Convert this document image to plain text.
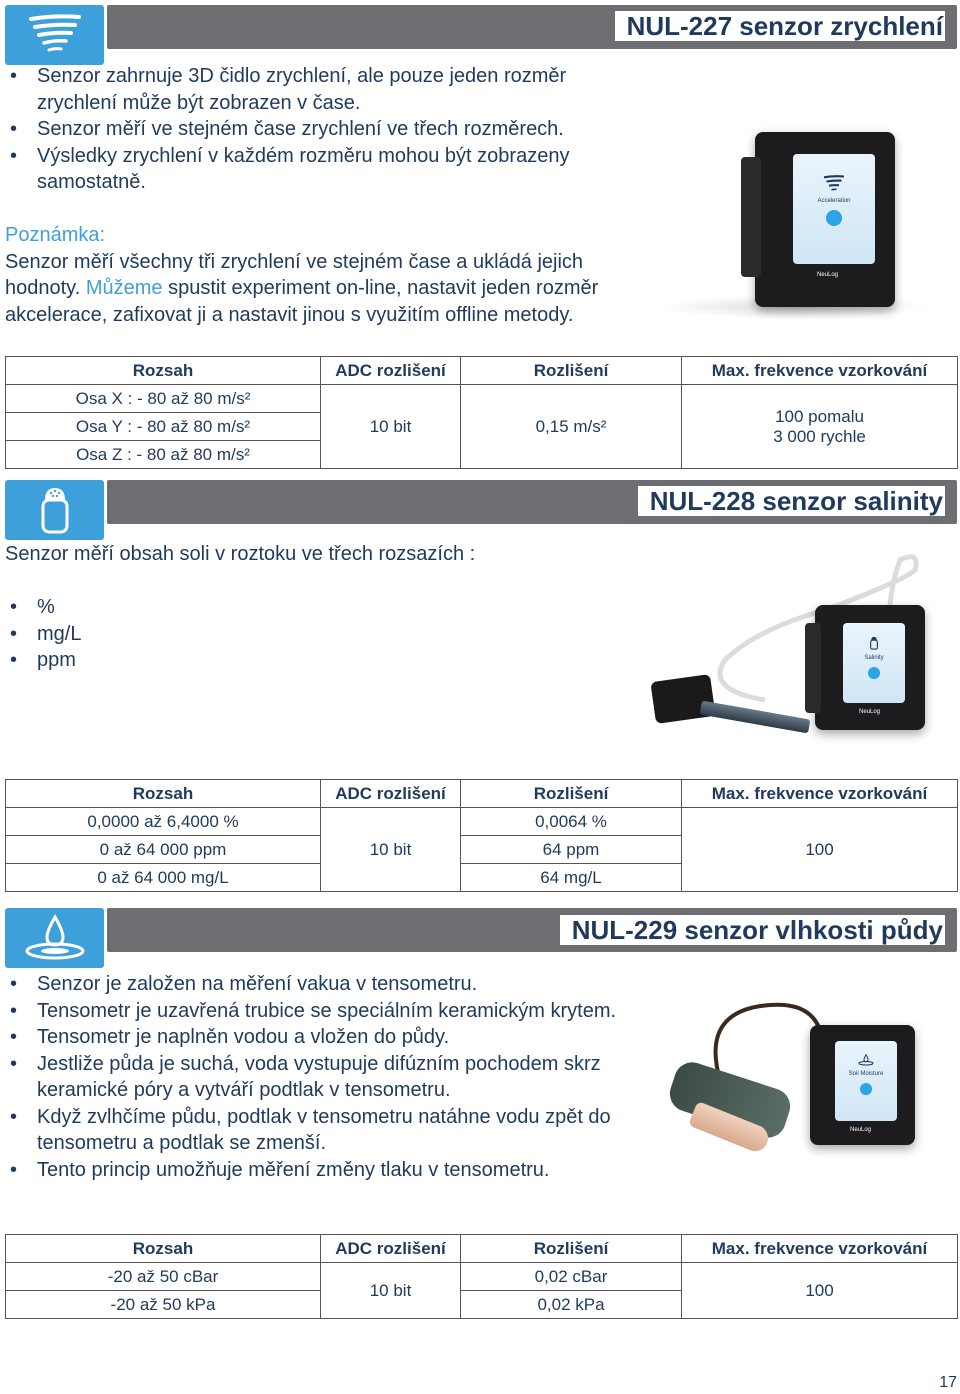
NUL-227 senzor zrychlení
• Senzor zahrnuje 3D čidlo zrychlení, ale pouze jeden rozměr zrychlení může být zobrazen v čase.
• Senzor měří ve stejném čase zrychlení ve třech rozměrech.
• Výsledky zrychlení v každém rozměru mohou být zobrazeny samostatně.
Poznámka:
Senzor měří všechny tři zrychlení ve stejném čase a ukládá jejich hodnoty. Můžeme spustit experiment on-line, nastavit jeden rozměr akcelerace, zafixovat ji a nastavit jinou s využitím offline metody.
Acceleration
NeuLog
Rozsah	ADC rozlišení	Rozlišení	Max. frekvence vzorkování
Osa X : - 80 až 80 m/s²	10 bit	0,15 m/s²	100 pomalu
3 000 rychle

Osa Y : - 80 až 80 m/s²			
Osa Z : - 80 až 80 m/s²			
NUL-228 senzor salinity
Senzor měří obsah soli v roztoku ve třech rozsazích :
• %
• mg/L
• ppm	Salinity
NeuLog
Rozsah	ADC rozlišení	Rozlišení	Max. frekvence vzorkování
0,0000 až 6,4000 %	10 bit	0,0064 %	100
0 až 64 000 ppm		64 ppm	
0 až 64 000 mg/L		64 mg/L	
NUL-229 senzor vlhkosti půdy
• Senzor je založen na měření vakua v tensometru.
• Tensometr je uzavřená trubice se speciálním keramickým krytem.
• Tensometr je naplněn vodou a vložen do půdy.
• Jestliže půda je suchá, voda vystupuje difúzním pochodem skrz keramické póry a vytváří podtlak v tensometru.
• Když zvlhčíme půdu, podtlak v tensometru natáhne vodu zpět do tensometru a podtlak se zmenší.
• Tento princip umožňuje měření změny tlaku v tensometru.
Soil Moisture
NeuLog
Rozsah	ADC rozlišení	Rozlišení	Max. frekvence vzorkování
-20 až 50 cBar	10 bit	0,02 cBar	100
-20 až 50 kPa		0,02 kPa	
17
